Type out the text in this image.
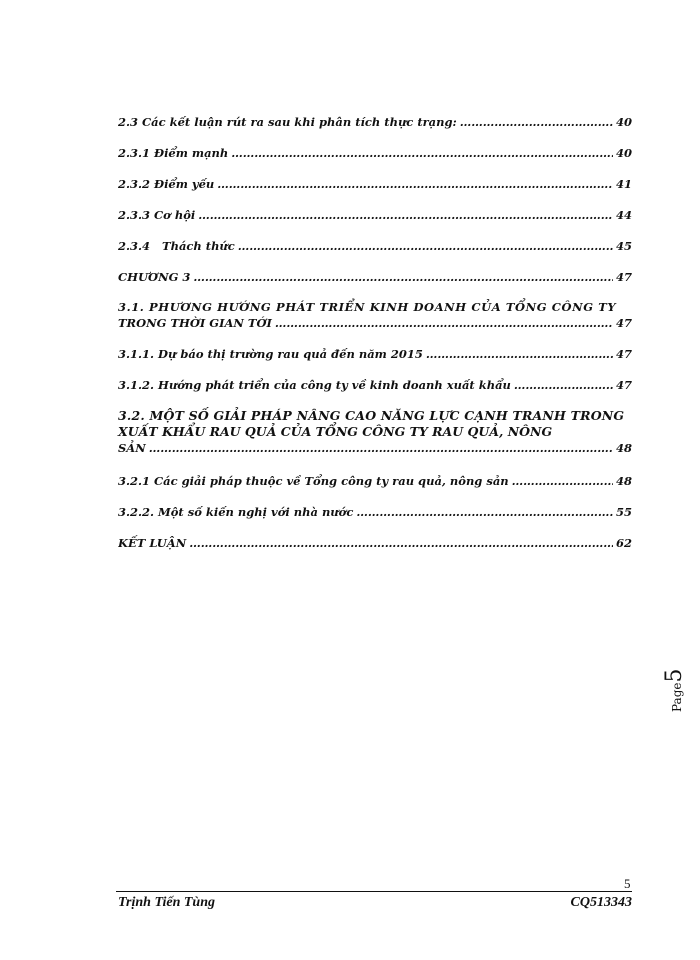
2.3 Các kết luận rút ra sau khi phân tích thực trạng: ……………………………………………………………………………………………………………………………………………	40
2.3.1 Điểm mạnh ……………………………………………………………………………………………………………………………………………	40
2.3.2 Điểm yếu ……………………………………………………………………………………………………………………………………………	41
2.3.3 Cơ hội ……………………………………………………………………………………………………………………………………………	44
2.3.4   Thách thức ……………………………………………………………………………………………………………………………………………	45
CHƯƠNG 3 ……………………………………………………………………………………………………………………………………………	47
3.1. PHƯƠNG HƯỚNG PHÁT TRIỂN KINH DOANH CỦA TỔNG CÔNG TY
TRONG THỜI GIAN TỚI ……………………………………………………………………………………………………………………………………………	47
3.1.1. Dự báo thị trường rau quả đến năm 2015 ……………………………………………………………………………………………………………………………………………	47
3.1.2. Hướng phát triển của công ty về kinh doanh xuất khẩu ……………………………………………………………………………………………………………………………………………	47
3.2. MỘT SỐ GIẢI PHÁP NÂNG CAO NĂNG LỰC CẠNH TRANH TRONG
XUẤT KHẨU RAU QUẢ CỦA TỔNG CÔNG TY RAU QUẢ, NÔNG
SẢN ……………………………………………………………………………………………………………………………………………	48
3.2.1 Các giải pháp thuộc về Tổng công ty rau quả, nông sản ……………………………………………………………………………………………………………………………………………	48
3.2.2. Một số kiến nghị với nhà nước ……………………………………………………………………………………………………………………………………………	55
KẾT LUẬN ……………………………………………………………………………………………………………………………………………	62
Page5
5
Trịnh Tiến Tùng	CQ513343
